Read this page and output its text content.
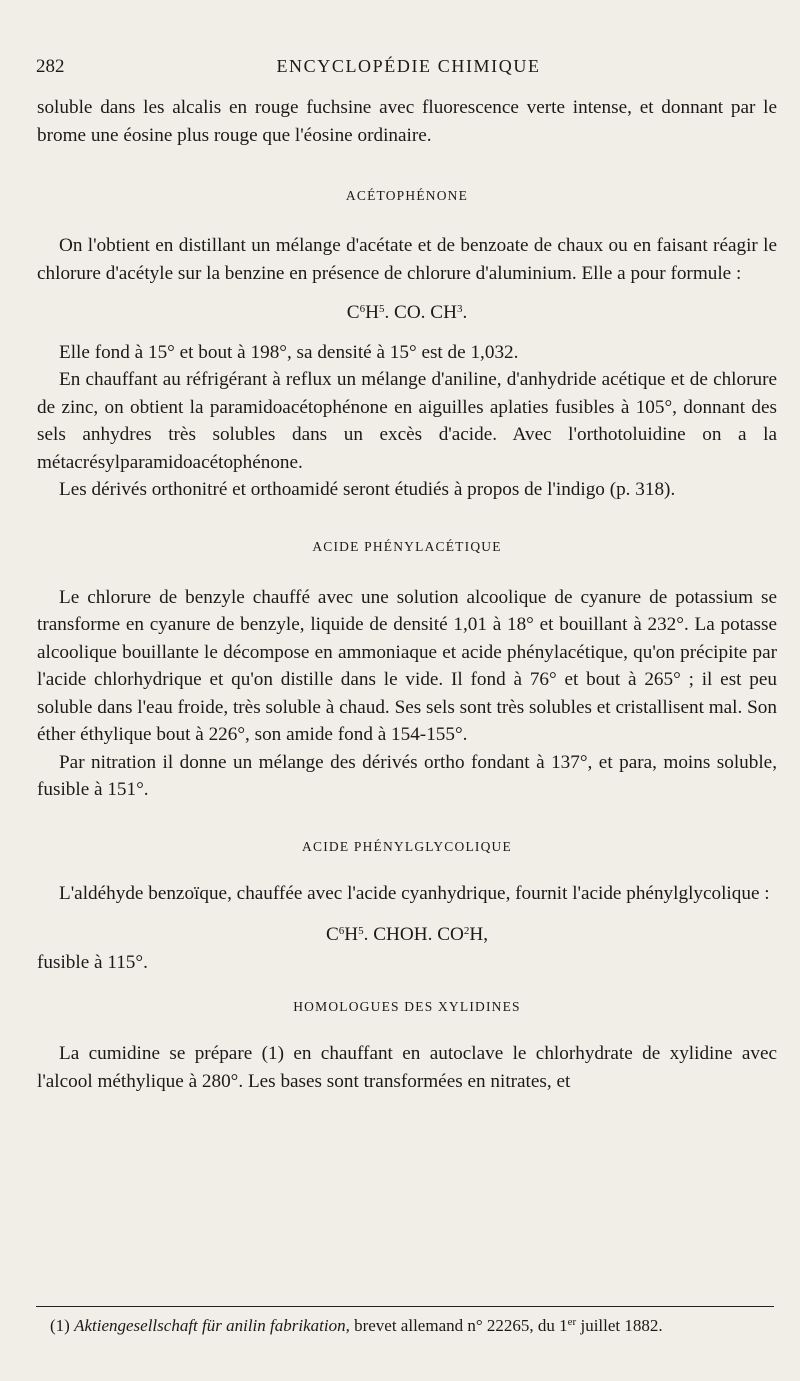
282	ENCYCLOPÉDIE CHIMIQUE

soluble dans les alcalis en rouge fuchsine avec fluorescence verte intense, et donnant par le brome une éosine plus rouge que l'éosine ordinaire.

ACÉTOPHÉNONE

On l'obtient en distillant un mélange d'acétate et de benzoate de chaux ou en faisant réagir le chlorure d'acétyle sur la benzine en présence de chlorure d'aluminium. Elle a pour formule :

$C^6H^5$. CO. $CH^3$.

Elle fond à 15° et bout à 198°, sa densité à 15° est de 1,032.

En chauffant au réfrigérant à reflux un mélange d'aniline, d'anhydride acétique et de chlorure de zinc, on obtient la paramidoacétophénone en aiguilles aplaties fusibles à 105°, donnant des sels anhydres très solubles dans un excès d'acide. Avec l'orthotoluidine on a la métacrésylparamidoacétophénone.

Les dérivés orthonitré et orthoamidé seront étudiés à propos de l'indigo (p. 318).

ACIDE PHÉNYLACÉTIQUE

Le chlorure de benzyle chauffé avec une solution alcoolique de cyanure de potassium se transforme en cyanure de benzyle, liquide de densité 1,01 à 18° et bouillant à 232°. La potasse alcoolique bouillante le décompose en ammoniaque et acide phénylacétique, qu'on précipite par l'acide chlorhydrique et qu'on distille dans le vide. Il fond à 76° et bout à 265° ; il est peu soluble dans l'eau froide, très soluble à chaud. Ses sels sont très solubles et cristallisent mal. Son éther éthylique bout à 226°, son amide fond à 154-155°.

Par nitration il donne un mélange des dérivés ortho fondant à 137°, et para, moins soluble, fusible à 151°.

ACIDE PHÉNYLGLYCOLIQUE

L'aldéhyde benzoïque, chauffée avec l'acide cyanhydrique, fournit l'acide phénylglycolique :

$C^6H^5$. CHOH. $CO^2H$,

fusible à 115°.

HOMOLOGUES DES XYLIDINES

La cumidine se prépare (1) en chauffant en autoclave le chlorhydrate de xylidine avec l'alcool méthylique à 280°. Les bases sont transformées en nitrates, et

(1) Aktiengesellschaft für anilin fabrikation, brevet allemand n° 22265, du 1er juillet 1882.
